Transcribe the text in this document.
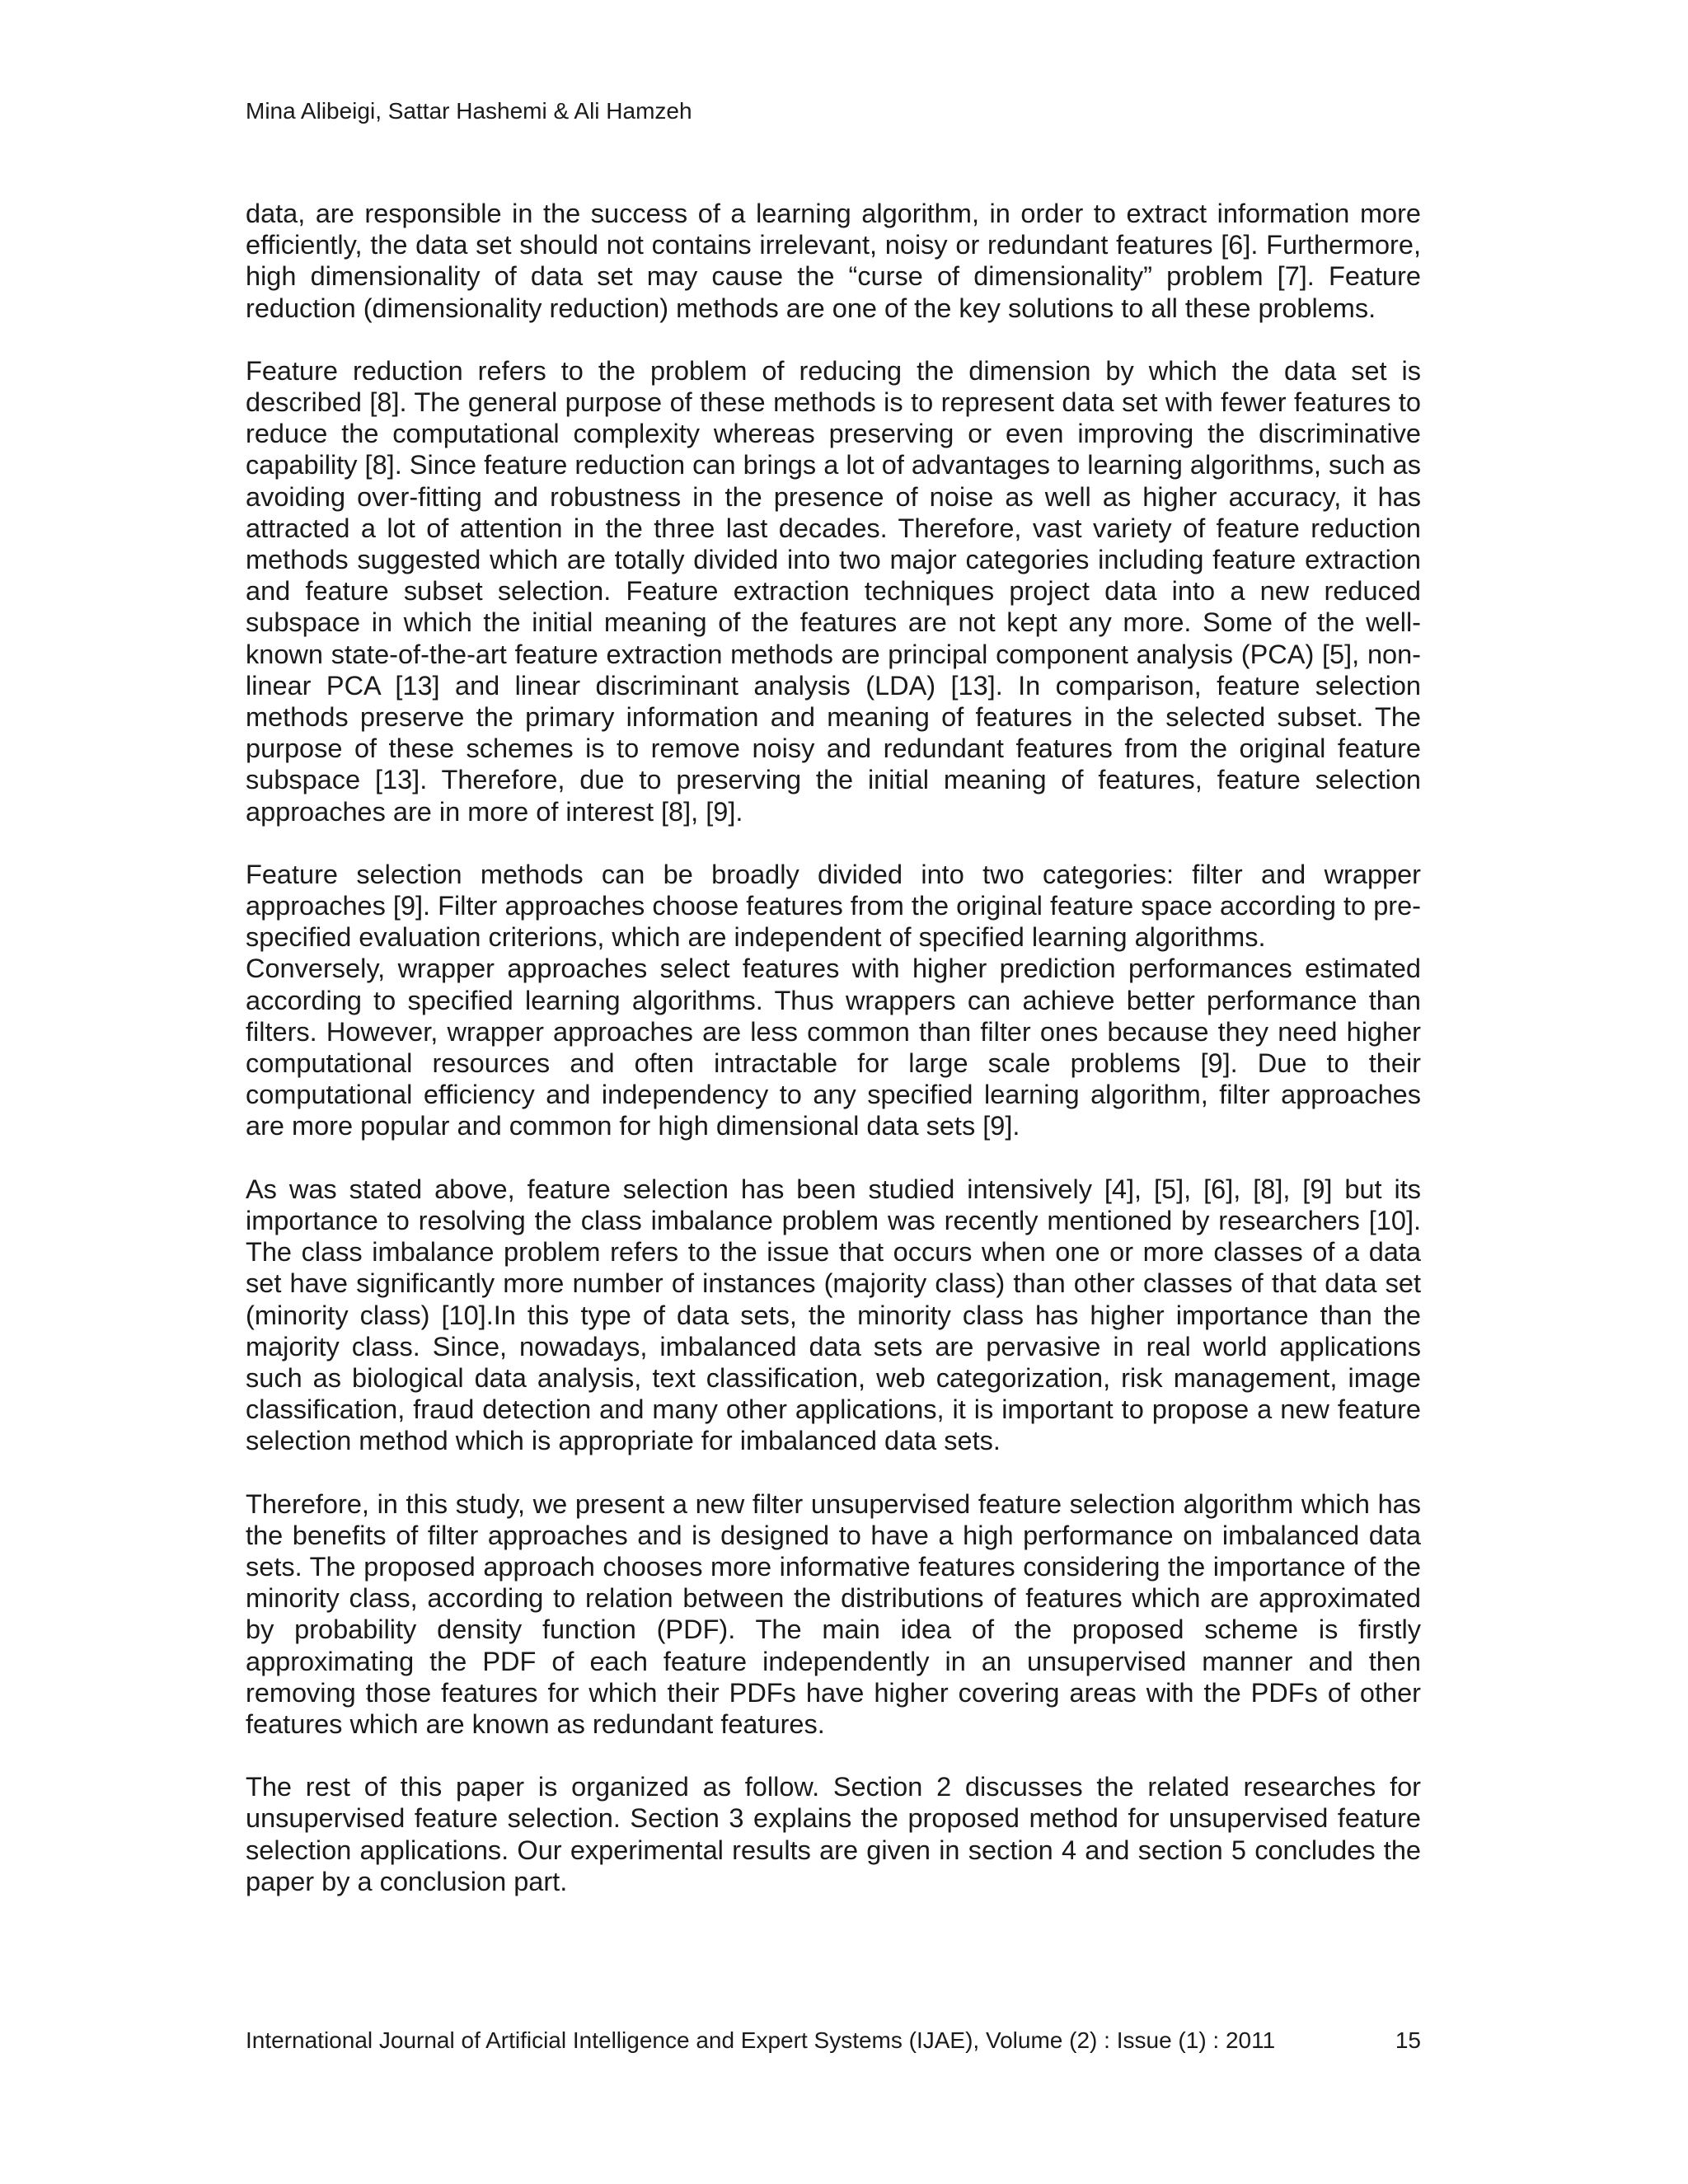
Mina Alibeigi, Sattar Hashemi & Ali Hamzeh

data, are responsible in the success of a learning algorithm, in order to extract information more efficiently, the data set should not contains irrelevant, noisy or redundant features [6]. Furthermore, high dimensionality of data set may cause the “curse of dimensionality” problem [7]. Feature reduction (dimensionality reduction) methods are one of the key solutions to all these problems.

Feature reduction refers to the problem of reducing the dimension by which the data set is described [8]. The general purpose of these methods is to represent data set with fewer features to reduce the computational complexity whereas preserving or even improving the discriminative capability [8]. Since feature reduction can brings a lot of advantages to learning algorithms, such as avoiding over-fitting and robustness in the presence of noise as well as higher accuracy, it has attracted a lot of attention in the three last decades. Therefore, vast variety of feature reduction methods suggested which are totally divided into two major categories including feature extraction and feature subset selection. Feature extraction techniques project data into a new reduced subspace in which the initial meaning of the features are not kept any more. Some of the well-known state-of-the-art feature extraction methods are principal component analysis (PCA) [5], non-linear PCA [13] and linear discriminant analysis (LDA) [13]. In comparison, feature selection methods preserve the primary information and meaning of features in the selected subset. The purpose of these schemes is to remove noisy and redundant features from the original feature subspace [13]. Therefore, due to preserving the initial meaning of features, feature selection approaches are in more of interest [8], [9].

Feature selection methods can be broadly divided into two categories: filter and wrapper approaches [9]. Filter approaches choose features from the original feature space according to pre-specified evaluation criterions, which are independent of specified learning algorithms.

Conversely, wrapper approaches select features with higher prediction performances estimated according to specified learning algorithms. Thus wrappers can achieve better performance than filters. However, wrapper approaches are less common than filter ones because they need higher computational resources and often intractable for large scale problems [9]. Due to their computational efficiency and independency to any specified learning algorithm, filter approaches are more popular and common for high dimensional data sets [9].

As was stated above, feature selection has been studied intensively [4], [5], [6], [8], [9] but its importance to resolving the class imbalance problem was recently mentioned by researchers [10]. The class imbalance problem refers to the issue that occurs when one or more classes of a data set have significantly more number of instances (majority class) than other classes of that data set (minority class) [10].In this type of data sets, the minority class has higher importance than the majority class. Since, nowadays, imbalanced data sets are pervasive in real world applications such as biological data analysis, text classification, web categorization, risk management, image classification, fraud detection and many other applications, it is important to propose a new feature selection method which is appropriate for imbalanced data sets.

Therefore, in this study, we present a new filter unsupervised feature selection algorithm which has the benefits of filter approaches and is designed to have a high performance on imbalanced data sets. The proposed approach chooses more informative features considering the importance of the minority class, according to relation between the distributions of features which are approximated by probability density function (PDF). The main idea of the proposed scheme is firstly approximating the PDF of each feature independently in an unsupervised manner and then removing those features for which their PDFs have higher covering areas with the PDFs of other features which are known as redundant features.

The rest of this paper is organized as follow. Section 2 discusses the related researches for unsupervised feature selection. Section 3 explains the proposed method for unsupervised feature selection applications. Our experimental results are given in section 4 and section 5 concludes the paper by a conclusion part.

International Journal of Artificial Intelligence and Expert Systems (IJAE), Volume (2) : Issue (1) : 2011	15
